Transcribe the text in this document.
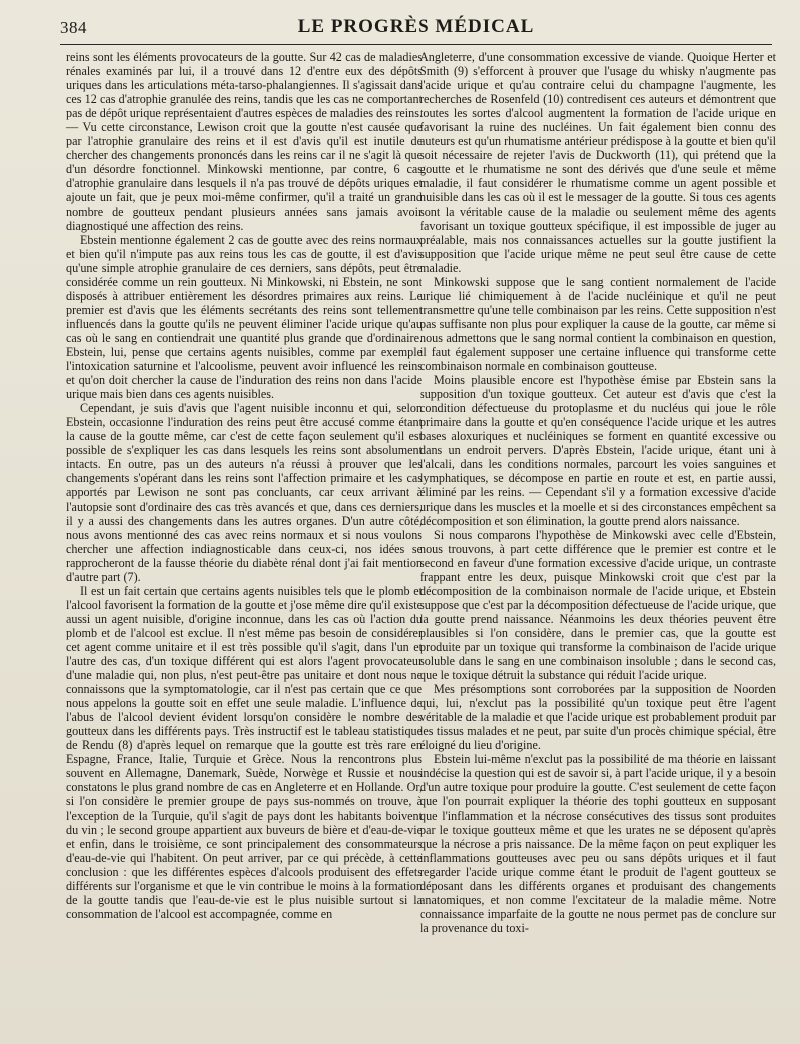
384	LE PROGRÈS MÉDICAL

reins sont les éléments provocateurs de la goutte. Sur 42 cas de maladies rénales examinés par lui, il a trouvé dans 12 d'entre eux des dépôts uriques dans les articulations méta-tarso-phalangiennes. Il s'agissait dans ces 12 cas d'atrophie granulée des reins, tandis que les cas ne comportant pas de dépôt urique représentaient d'autres espèces de maladies des reins. — Vu cette circonstance, Lewison croit que la goutte n'est causée que par l'atrophie granulaire des reins et il est d'avis qu'il est inutile de chercher des changements prononcés dans les reins car il ne s'agit là que d'un désordre fonctionnel. Minkowski mentionne, par contre, 6 cas d'atrophie granulaire dans lesquels il n'a pas trouvé de dépôts uriques et ajoute un fait, que je peux moi-même confirmer, qu'il a traité un grand nombre de goutteux pendant plusieurs années sans jamais avoir diagnostiqué une affection des reins.

Ebstein mentionne également 2 cas de goutte avec des reins normaux et bien qu'il n'impute pas aux reins tous les cas de goutte, il est d'avis qu'une simple atrophie granulaire de ces derniers, sans dépôts, peut être considérée comme un rein goutteux. Ni Minkowski, ni Ebstein, ne sont disposés à attribuer entièrement les désordres primaires aux reins. Le premier est d'avis que les éléments secrétants des reins sont tellement influencés dans la goutte qu'ils ne peuvent éliminer l'acide urique qu'au cas où le sang en contiendrait une quantité plus grande que d'ordinaire. Ebstein, lui, pense que certains agents nuisibles, comme par exemple l'intoxication saturnine et l'alcoolisme, peuvent avoir influencé les reins et qu'on doit chercher la cause de l'induration des reins non dans l'acide urique mais bien dans ces agents nuisibles.

Cependant, je suis d'avis que l'agent nuisible inconnu et qui, selon Ebstein, occasionne l'induration des reins peut être accusé comme étant la cause de la goutte même, car c'est de cette façon seulement qu'il est possible de s'expliquer les cas dans lesquels les reins sont absolument intacts. En outre, pas un des auteurs n'a réussi à prouver que les changements s'opérant dans les reins sont l'affection primaire et les cas apportés par Lewison ne sont pas concluants, car ceux arrivant à l'autopsie sont d'ordinaire des cas très avancés et que, dans ces derniers, il y a aussi des changements dans les autres organes. D'un autre côté, nous avons mentionné des cas avec reins normaux et si nous voulons chercher une affection indiagnosticable dans ceux-ci, nos idées se rapprocheront de la fausse théorie du diabète rénal dont j'ai fait mention d'autre part (7).

Il est un fait certain que certains agents nuisibles tels que le plomb et l'alcool favorisent la formation de la goutte et j'ose même dire qu'il existe aussi un agent nuisible, d'origine inconnue, dans les cas où l'action du plomb et de l'alcool est exclue. Il n'est même pas besoin de considérer cet agent comme unitaire et il est très possible qu'il s'agit, dans l'un et l'autre des cas, d'un toxique différent qui est alors l'agent provocateur d'une maladie qui, non plus, n'est peut-être pas unitaire et dont nous ne connaissons que la symptomatologie, car il n'est pas certain que ce que nous appelons la goutte soit en effet une seule maladie. L'influence de l'abus de l'alcool devient évident lorsqu'on considère le nombre des goutteux dans les différents pays. Très instructif est le tableau statistique de Rendu (8) d'après lequel on remarque que la goutte est très rare en Espagne, France, Italie, Turquie et Grèce. Nous la rencontrons plus souvent en Allemagne, Danemark, Suède, Norwège et Russie et nous constatons le plus grand nombre de cas en Angleterre et en Hollande. Or, si l'on considère le premier groupe de pays sus-nommés on trouve, à l'exception de la Turquie, qu'il s'agit de pays dont les habitants boivent du vin ; le second groupe appartient aux buveurs de bière et d'eau-de-vie et enfin, dans le troisième, ce sont principalement des consommateurs d'eau-de-vie qui l'habitent. On peut arriver, par ce qui précède, à cette conclusion : que les différentes espèces d'alcools produisent des effets différents sur l'organisme et que le vin contribue le moins à la formation de la goutte tandis que l'eau-de-vie est le plus nuisible surtout si la consommation de l'alcool est accompagnée, comme en

Angleterre, d'une consommation excessive de viande. Quoique Herter et Smith (9) s'efforcent à prouver que l'usage du whisky n'augmente pas l'acide urique et qu'au contraire celui du champagne l'augmente, les recherches de Rosenfeld (10) contredisent ces auteurs et démontrent que toutes les sortes d'alcool augmentent la formation de l'acide urique en favorisant la ruine des nucléines. Un fait également bien connu des auteurs est qu'un rhumatisme antérieur prédispose à la goutte et bien qu'il soit nécessaire de rejeter l'avis de Duckworth (11), qui prétend que la goutte et le rhumatisme ne sont des dérivés que d'une seule et même maladie, il faut considérer le rhumatisme comme un agent possible et nuisible dans les cas où il est le messager de la goutte. Si tous ces agents sont la véritable cause de la maladie ou seulement même des agents favorisant un toxique goutteux spécifique, il est impossible de juger au préalable, mais nos connaissances actuelles sur la goutte justifient la supposition que l'acide urique même ne peut seul être cause de cette maladie.

Minkowski suppose que le sang contient normalement de l'acide urique lié chimiquement à de l'acide nucléinique et qu'il ne peut transmettre qu'une telle combinaison par les reins. Cette supposition n'est pas suffisante non plus pour expliquer la cause de la goutte, car même si nous admettons que le sang normal contient la combinaison en question, il faut également supposer une certaine influence qui transforme cette combinaison normale en combinaison goutteuse.

Moins plausible encore est l'hypothèse émise par Ebstein sans la supposition d'un toxique goutteux. Cet auteur est d'avis que c'est la condition défectueuse du protoplasme et du nucléus qui joue le rôle primaire dans la goutte et qu'en conséquence l'acide urique et les autres bases aloxuriques et nucléiniques se forment en quantité excessive ou dans un endroit pervers. D'après Ebstein, l'acide urique, étant uni à l'alcali, dans les conditions normales, parcourt les voies sanguines et lymphatiques, se décompose en partie en route et est, en partie aussi, éliminé par les reins. — Cependant s'il y a formation excessive d'acide urique dans les muscles et la moelle et si des circonstances empêchent sa décomposition et son élimination, la goutte prend alors naissance.

Si nous comparons l'hypothèse de Minkowski avec celle d'Ebstein, nous trouvons, à part cette différence que le premier est contre et le second en faveur d'une formation excessive d'acide urique, un contraste frappant entre les deux, puisque Minkowski croit que c'est par la décomposition de la combinaison normale de l'acide urique, et Ebstein suppose que c'est par la décomposition défectueuse de l'acide urique, que la goutte prend naissance. Néanmoins les deux théories peuvent être plausibles si l'on considère, dans le premier cas, que la goutte est produite par un toxique qui transforme la combinaison de l'acide urique soluble dans le sang en une combinaison insoluble ; dans le second cas, que le toxique détruit la substance qui réduit l'acide urique.

Mes présomptions sont corroborées par la supposition de Noorden qui, lui, n'exclut pas la possibilité qu'un toxique peut être l'agent véritable de la maladie et que l'acide urique est probablement produit par les tissus malades et ne peut, par suite d'un procès chimique spécial, être éloigné du lieu d'origine.

Ebstein lui-même n'exclut pas la possibilité de ma théorie en laissant indécise la question qui est de savoir si, à part l'acide urique, il y a besoin d'un autre toxique pour produire la goutte. C'est seulement de cette façon que l'on pourrait expliquer la théorie des tophi goutteux en supposant que l'inflammation et la nécrose consécutives des tissus sont produites par le toxique goutteux même et que les urates ne se déposent qu'après que la nécrose a pris naissance. De la même façon on peut expliquer les inflammations goutteuses avec peu ou sans dépôts uriques et il faut regarder l'acide urique comme étant le produit de l'agent goutteux se déposant dans les différents organes et produisant des changements anatomiques, et non comme l'excitateur de la maladie même. Notre connaissance imparfaite de la goutte ne nous permet pas de conclure sur la provenance du toxi-
